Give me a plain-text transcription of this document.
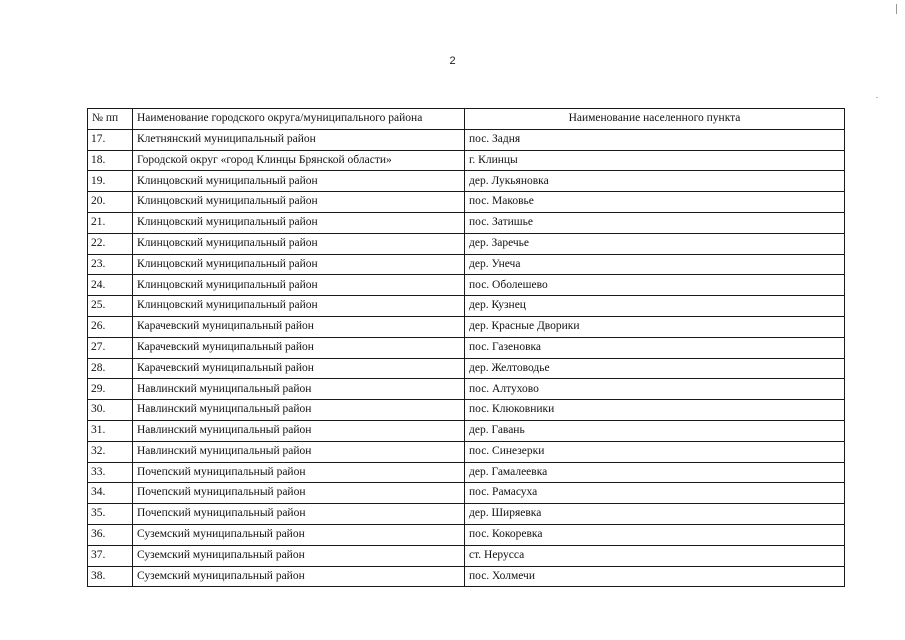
2
№ пп	Наименование городского округа/муниципального района	Наименование населенного пункта
17.	Клетнянский муниципальный район	пос. Задня
18.	Городской округ «город Клинцы Брянской области»	г. Клинцы
19.	Клинцовский муниципальный район	дер. Лукьяновка
20.	Клинцовский муниципальный район	пос. Маковье
21.	Клинцовский муниципальный район	пос. Затишье
22.	Клинцовский муниципальный район	дер. Заречье
23.	Клинцовский муниципальный район	дер. Унеча
24.	Клинцовский муниципальный район	пос. Оболешево
25.	Клинцовский муниципальный район	дер. Кузнец
26.	Карачевский муниципальный район	дер. Красные Дворики
27.	Карачевский муниципальный район	пос. Газеновка
28.	Карачевский муниципальный район	дер. Желтоводье
29.	Навлинский муниципальный район	пос. Алтухово
30.	Навлинский муниципальный район	пос. Клюковники
31.	Навлинский муниципальный район	дер. Гавань
32.	Навлинский муниципальный район	пос. Синезерки
33.	Почепский муниципальный район	дер. Гамалеевка
34.	Почепский муниципальный район	пос. Рамасуха
35.	Почепский муниципальный район	дер. Ширяевка
36.	Суземский муниципальный район	пос. Кокоревка
37.	Суземский муниципальный район	ст. Нерусса
38.	Суземский муниципальный район	пос. Холмечи
